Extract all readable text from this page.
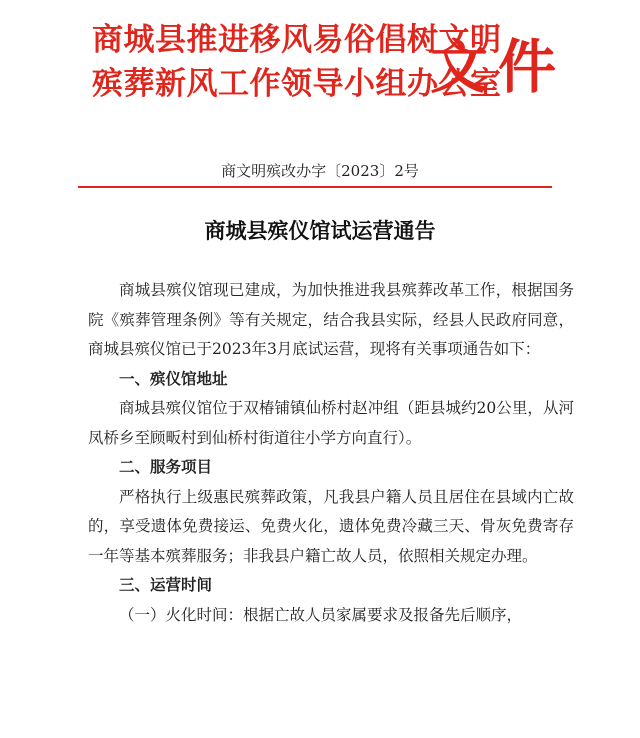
商城县推进移风易俗倡树文明
殡葬新风工作领导小组办公室
文件
商文明殡改办字〔2023〕2号
商城县殡仪馆试运营通告

商城县殡仪馆现已建成，为加快推进我县殡葬改革工作，根据国务院《殡葬管理条例》等有关规定，结合我县实际，经县人民政府同意，商城县殡仪馆已于2023年3月底试运营，现将有关事项通告如下：

一、殡仪馆地址

商城县殡仪馆位于双椿铺镇仙桥村赵冲组（距县城约20公里，从河凤桥乡至顾畈村到仙桥村街道往小学方向直行）。

二、服务项目

严格执行上级惠民殡葬政策，凡我县户籍人员且居住在县域内亡故的，享受遗体免费接运、免费火化，遗体免费冷藏三天、骨灰免费寄存一年等基本殡葬服务；非我县户籍亡故人员，依照相关规定办理。

三、运营时间

（一）火化时间：根据亡故人员家属要求及报备先后顺序，
